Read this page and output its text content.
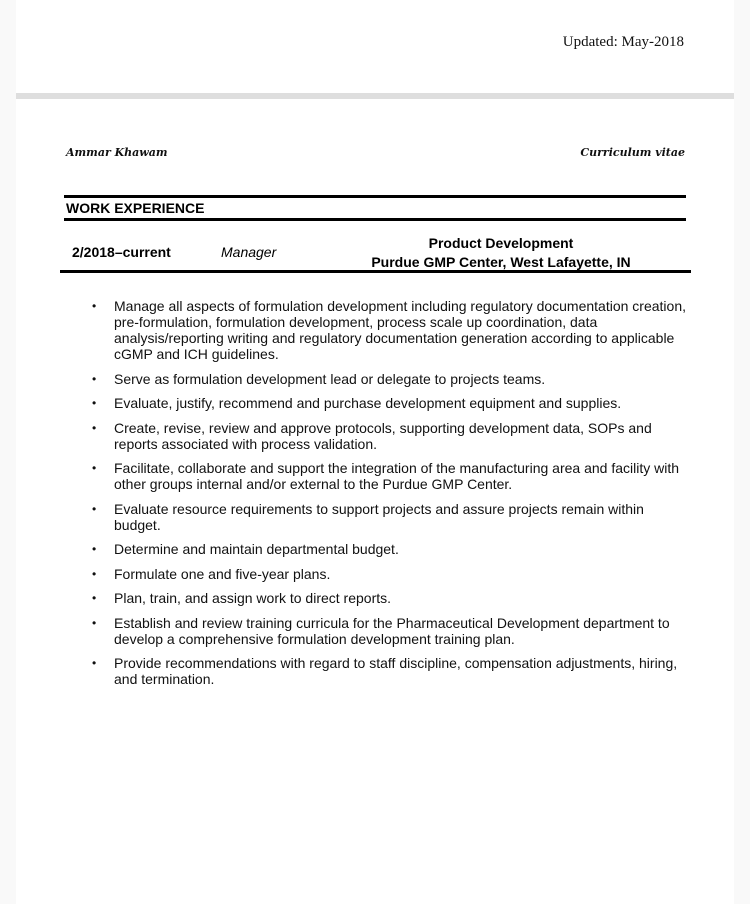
Updated: May-2018
Ammar Khawam	Curriculum vitae
WORK EXPERIENCE
2/2018–current	Manager
Product Development
Purdue GMP Center, West Lafayette, IN
• Manage all aspects of formulation development including regulatory documentation creation, pre-formulation, formulation development, process scale up coordination, data analysis/reporting writing and regulatory documentation generation according to applicable cGMP and ICH guidelines.
• Serve as formulation development lead or delegate to projects teams.
• Evaluate, justify, recommend and purchase development equipment and supplies.
• Create, revise, review and approve protocols, supporting development data, SOPs and reports associated with process validation.
• Facilitate, collaborate and support the integration of the manufacturing area and facility with other groups internal and/or external to the Purdue GMP Center.
• Evaluate resource requirements to support projects and assure projects remain within budget.
• Determine and maintain departmental budget.
• Formulate one and five-year plans.
• Plan, train, and assign work to direct reports.
• Establish and review training curricula for the Pharmaceutical Development department to develop a comprehensive formulation development training plan.
• Provide recommendations with regard to staff discipline, compensation adjustments, hiring, and termination.
